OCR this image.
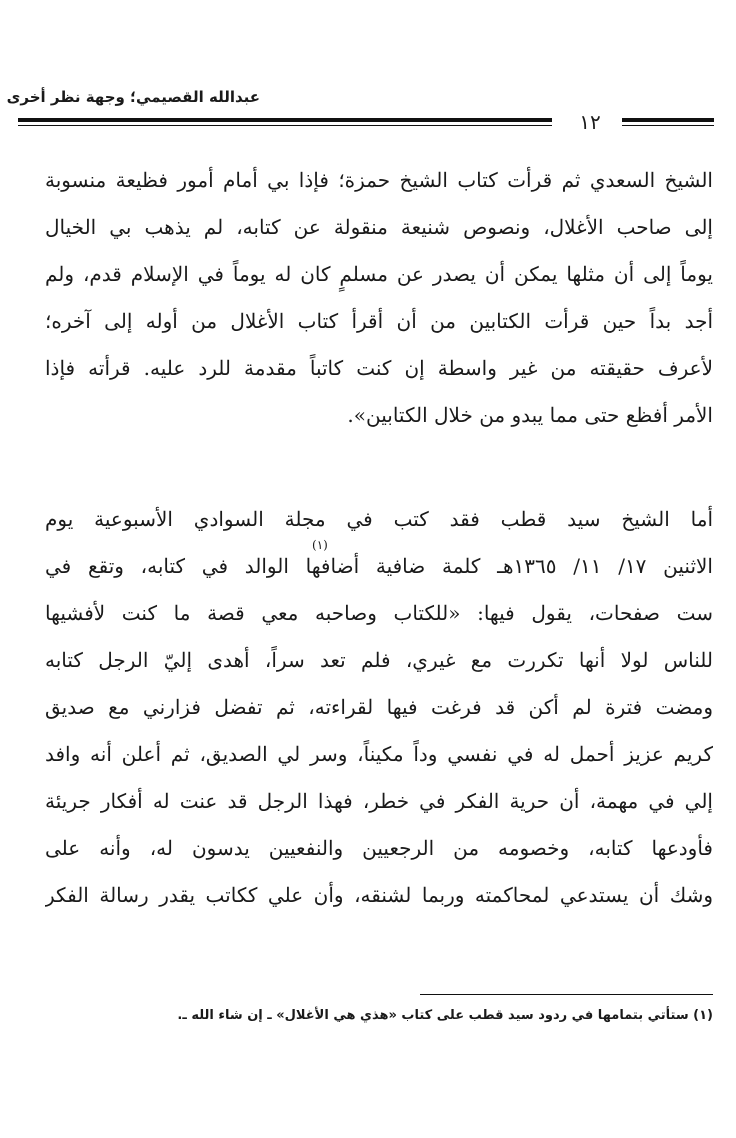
عبدالله القصيمي؛ وجهة نظر أخرى
١٢
الشيخ السعدي ثم قرأت كتاب الشيخ حمزة؛ فإذا بي أمام أمور فظيعة منسوبة
إلى صاحب الأغلال، ونصوص شنيعة منقولة عن كتابه، لم يذهب بي الخيال
يوماً إلى أن مثلها يمكن أن يصدر عن مسلمٍ كان له يوماً في الإسلام قدم، ولم
أجد بداً حين قرأت الكتابين من أن أقرأ كتاب الأغلال من أوله إلى آخره؛
لأعرف حقيقته من غير واسطة إن كنت كاتباً مقدمة للرد عليه. قرأته فإذا
الأمر أفظع حتى مما يبدو من خلال الكتابين».
أما الشيخ سيد قطب فقد كتب في مجلة السوادي الأسبوعية يوم
الاثنين ١٧/ ١١/ ١٣٦٥هـ كلمة ضافية أضافها الوالد في كتابه، وتقع في
ست صفحات، يقول فيها: «للكتاب وصاحبه معي قصة ما كنت لأفشيها
للناس لولا أنها تكررت مع غيري، فلم تعد سراً، أهدى إليّ الرجل كتابه
ومضت فترة لم أكن قد فرغت فيها لقراءته، ثم تفضل فزارني مع صديق
كريم عزيز أحمل له في نفسي وداً مكيناً، وسر لي الصديق، ثم أعلن أنه وافد
إلي في مهمة، أن حرية الفكر في خطر، فهذا الرجل قد عنت له أفكار جريئة
فأودعها كتابه، وخصومه من الرجعيين والنفعيين يدسون له، وأنه على
وشك أن يستدعي لمحاكمته وربما لشنقه، وأن علي ككاتب يقدر رسالة الفكر
(١)
(١) ستأتي بتمامها في ردود سيد قطب على كتاب «هذي هي الأغلال» ـ إن شاء الله ـ.
